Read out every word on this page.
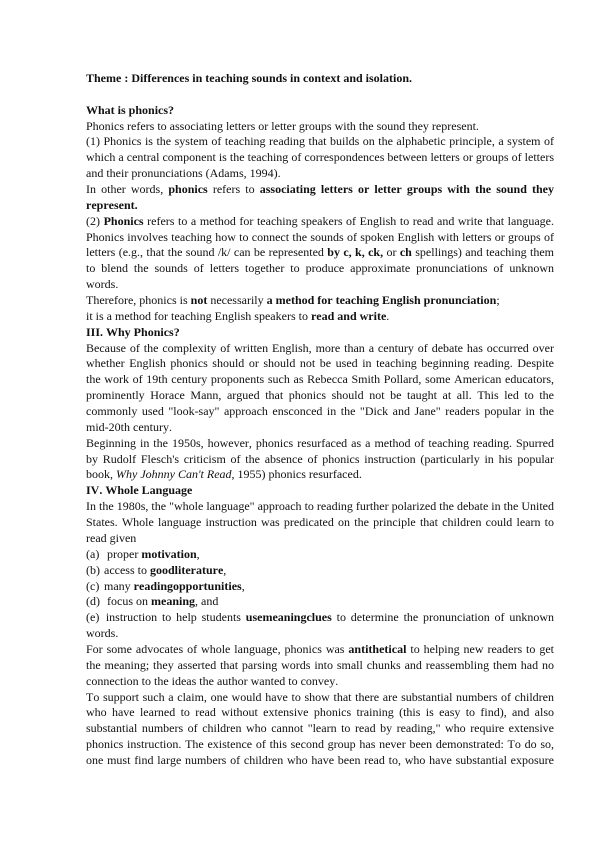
Theme : Differences in teaching sounds in context and isolation.
What is phonics?
Phonics refers to associating letters or letter groups with the sound they represent.
(1) Phonics is the system of teaching reading that builds on the alphabetic principle, a system of
which a central component is the teaching of correspondences between letters or groups of letters
and their pronunciations (Adams, 1994).
In other words, phonics refers to associating letters or letter groups with the sound they
represent.
(2) Phonics refers to a method for teaching speakers of English to read and write that language.
Phonics involves teaching how to connect the sounds of spoken English with letters or groups of
letters (e.g., that the sound /k/ can be represented by c, k, ck, or ch spellings) and teaching them
to blend the sounds of letters together to produce approximate pronunciations of unknown
words.
Therefore, phonics is not necessarily a method for teaching English pronunciation;
it is a method for teaching English speakers to read and write.
III. Why Phonics?
Because of the complexity of written English, more than a century of debate has occurred over
whether English phonics should or should not be used in teaching beginning reading. Despite
the work of 19th century proponents such as Rebecca Smith Pollard, some American educators,
prominently Horace Mann, argued that phonics should not be taught at all. This led to the
commonly used "look-say" approach ensconced in the "Dick and Jane" readers popular in the
mid-20th century.
Beginning in the 1950s, however, phonics resurfaced as a method of teaching reading. Spurred
by Rudolf Flesch's criticism of the absence of phonics instruction (particularly in his popular
book, Why Johnny Can't Read, 1955) phonics resurfaced.
IV. Whole Language
In the 1980s, the "whole language" approach to reading further polarized the debate in the United
States. Whole language instruction was predicated on the principle that children could learn to
read given
(a) proper motivation,
(b) access to goodliterature,
(c) many readingopportunities,
(d) focus on meaning, and
(e) instruction to help students usemeaningclues to determine the pronunciation of unknown
words.
For some advocates of whole language, phonics was antithetical to helping new readers to get
the meaning; they asserted that parsing words into small chunks and reassembling them had no
connection to the ideas the author wanted to convey.
To support such a claim, one would have to show that there are substantial numbers of children
who have learned to read without extensive phonics training (this is easy to find), and also
substantial numbers of children who cannot "learn to read by reading," who require extensive
phonics instruction. The existence of this second group has never been demonstrated: To do so,
one must find large numbers of children who have been read to, who have substantial exposure
